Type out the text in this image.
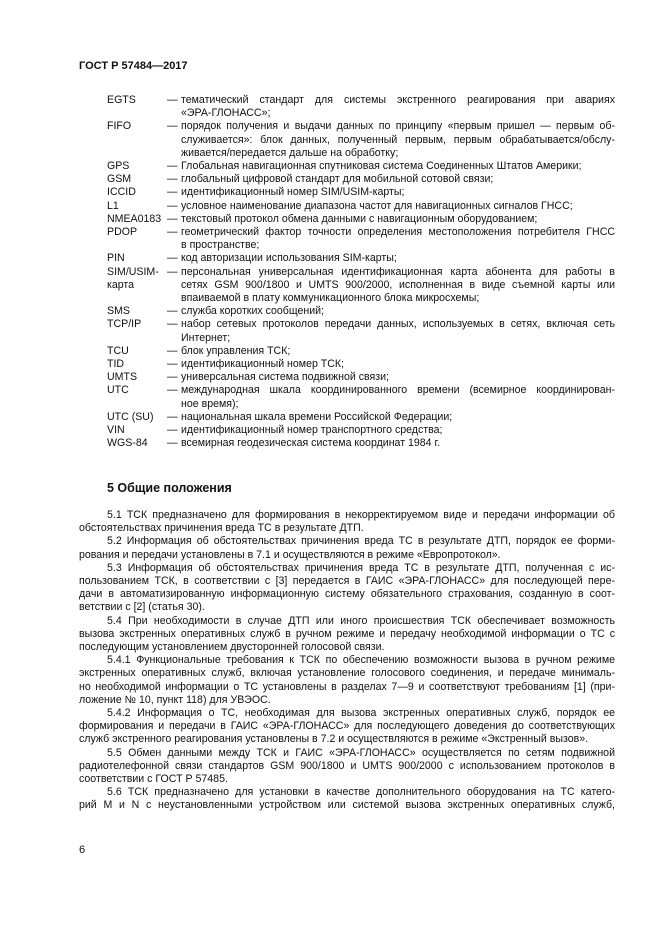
ГОСТ Р 57484—2017
EGTS	— тематический стандарт для системы экстренного реагирования при авариях
«ЭРА-ГЛОНАСС»;
FIFO	— порядок получения и выдачи данных по принципу «первым пришел — первым об-
служивается»: блок данных, полученный первым, первым обрабатывается/обслу-
живается/передается дальше на обработку;
GPS	— Глобальная навигационная спутниковая система Соединенных Штатов Америки;
GSM	— глобальный цифровой стандарт для мобильной сотовой связи;
ICCID	— идентификационный номер SIM/USIM-карты;
L1	— условное наименование диапазона частот для навигационных сигналов ГНСС;
NMEA0183 — текстовый протокол обмена данными с навигационным оборудованием;
PDOP	— геометрический фактор точности определения местоположения потребителя ГНСС
в пространстве;
PIN	— код авторизации использования SIM-карты;
SIM/USIM-
карта
— персональная универсальная идентификационная карта абонента для работы в
сетях GSM 900/1800 и UMTS 900/2000, исполненная в виде съемной карты или
впаиваемой в плату коммуникационного блока микросхемы;
SMS	— служба коротких сообщений;
TCP/IP	— набор сетевых протоколов передачи данных, используемых в сетях, включая сеть
Интернет;
TCU	— блок управления ТСК;
TID	— идентификационный номер ТСК;
UMTS	— универсальная система подвижной связи;
UTC	— международная шкала координированного времени (всемирное координирован-
ное время);
UTC (SU)	— национальная шкала времени Российской Федерации;
VIN	— идентификационный номер транспортного средства;
WGS-84	— всемирная геодезическая система координат 1984 г.
5 Общие положения
5.1 ТСК предназначено для формирования в некорректируемом виде и передачи информации об
обстоятельствах причинения вреда ТС в результате ДТП.
5.2 Информация об обстоятельствах причинения вреда ТС в результате ДТП, порядок ее форми-
рования и передачи установлены в 7.1 и осуществляются в режиме «Европротокол».
5.3 Информация об обстоятельствах причинения вреда ТС в результате ДТП, полученная с ис-
пользованием ТСК, в соответствии с [3] передается в ГАИС «ЭРА-ГЛОНАСС» для последующей пере-
дачи в автоматизированную информационную систему обязательного страхования, созданную в соот-
ветствии с [2] (статья 30).
5.4 При необходимости в случае ДТП или иного происшествия ТСК обеспечивает возможность
вызова экстренных оперативных служб в ручном режиме и передачу необходимой информации о ТС с
последующим установлением двусторонней голосовой связи.
5.4.1 Функциональные требования к ТСК по обеспечению возможности вызова в ручном режиме
экстренных оперативных служб, включая установление голосового соединения, и передаче минималь-
но необходимой информации о ТС установлены в разделах 7—9 и соответствуют требованиям [1] (при-
ложение № 10, пункт 118) для УВЭОС.
5.4.2 Информация о ТС, необходимая для вызова экстренных оперативных служб, порядок ее
формирования и передачи в ГАИС «ЭРА-ГЛОНАСС» для последующего доведения до соответствующих
служб экстренного реагирования установлены в 7.2 и осуществляются в режиме «Экстренный вызов».
5.5 Обмен данными между ТСК и ГАИС «ЭРА-ГЛОНАСС» осуществляется по сетям подвижной
радиотелефонной связи стандартов GSM 900/1800 и UMTS 900/2000 с использованием протоколов в
соответствии с ГОСТ Р 57485.
5.6 ТСК предназначено для установки в качестве дополнительного оборудования на ТС катего-
рий M и N с неустановленными устройством или системой вызова экстренных оперативных служб,
6
